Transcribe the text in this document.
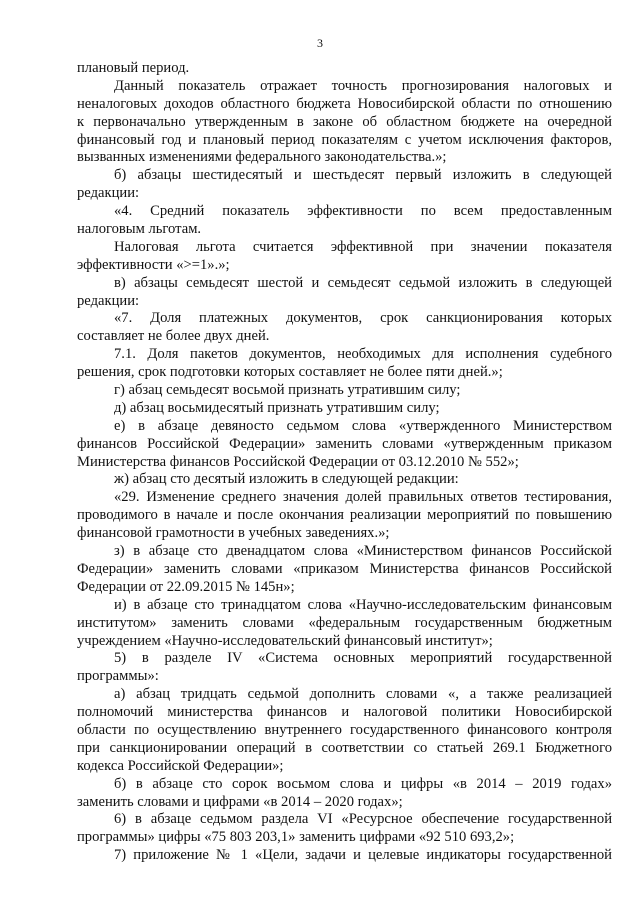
3
плановый период.
Данный показатель отражает точность прогнозирования налоговых и
неналоговых доходов областного бюджета Новосибирской области по отношению
к первоначально утвержденным в законе об областном бюджете на очередной
финансовый год и плановый период показателям с учетом исключения факторов,
вызванных изменениями федерального законодательства.»;
б) абзацы шестидесятый и шестьдесят первый изложить в следующей
редакции:
«4. Средний показатель эффективности по всем предоставленным
налоговым льготам.
Налоговая льгота считается эффективной при значении показателя
эффективности «>=1».»;
в) абзацы семьдесят шестой и семьдесят седьмой изложить в следующей
редакции:
«7. Доля платежных документов, срок санкционирования которых
составляет не более двух дней.
7.1. Доля пакетов документов, необходимых для исполнения судебного
решения, срок подготовки которых составляет не более пяти дней.»;
г) абзац семьдесят восьмой признать утратившим силу;
д) абзац восьмидесятый признать утратившим силу;
е) в абзаце девяносто седьмом слова «утвержденного Министерством
финансов Российской Федерации» заменить словами «утвержденным приказом
Министерства финансов Российской Федерации от 03.12.2010 № 552»;
ж) абзац сто десятый изложить в следующей редакции:
«29. Изменение среднего значения долей правильных ответов тестирования,
проводимого в начале и после окончания реализации мероприятий по повышению
финансовой грамотности в учебных заведениях.»;
з) в абзаце сто двенадцатом слова «Министерством финансов Российской
Федерации» заменить словами «приказом Министерства финансов Российской
Федерации от 22.09.2015 № 145н»;
и) в абзаце сто тринадцатом слова «Научно-исследовательским финансовым
институтом» заменить словами «федеральным государственным бюджетным
учреждением «Научно-исследовательский финансовый институт»;
5) в разделе IV «Система основных мероприятий государственной
программы»:
а) абзац тридцать седьмой дополнить словами «, а также реализацией
полномочий министерства финансов и налоговой политики Новосибирской
области по осуществлению внутреннего государственного финансового контроля
при санкционировании операций в соответствии со статьей 269.1 Бюджетного
кодекса Российской Федерации»;
б) в абзаце сто сорок восьмом слова и цифры «в 2014 – 2019 годах»
заменить словами и цифрами «в 2014 – 2020 годах»;
6) в абзаце седьмом раздела VI «Ресурсное обеспечение государственной
программы» цифры «75 803 203,1» заменить цифрами «92 510 693,2»;
7) приложение № 1 «Цели, задачи и целевые индикаторы государственной
